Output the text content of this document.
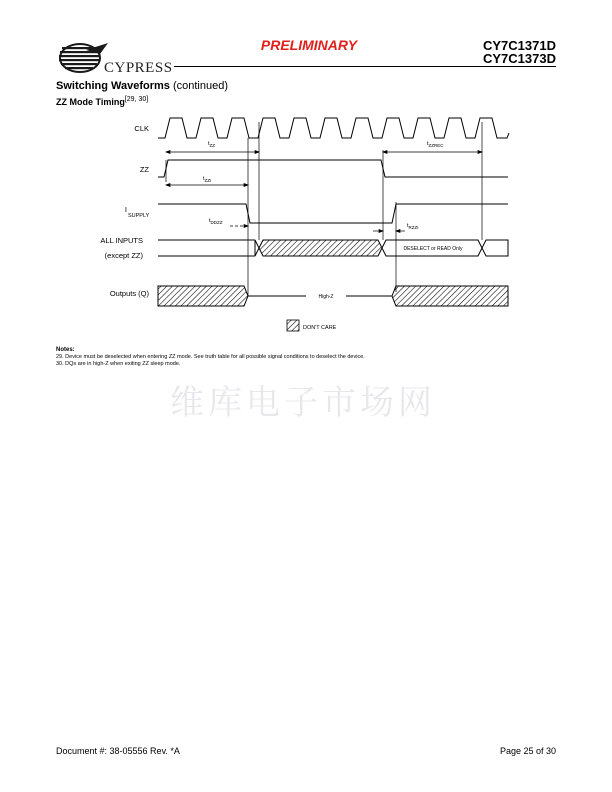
CYPRESS
PRELIMINARY	CY7C1371D
CY7C1373D
Switching Waveforms (continued)
ZZ Mode Timing[29, 30]
CLK
ZZ
I
SUPPLY
ALL INPUTS
(except ZZ)
Outputs (Q)
DESELECT or READ Only
High-Z
$t_{ZZ}$	$t_{ZZREC}$
$t_{ZZI}$
$t_{DDZZ}$
$t_{RZZI}$
DON'T CARE
Notes:
29. Device must be deselected when entering ZZ mode. See truth table for all possible signal conditions to deselect the device.
30. DQs are in high-Z when exiting ZZ sleep mode.
维库电子市场网
Document #: 38-05556 Rev. *A	Page 25 of 30
